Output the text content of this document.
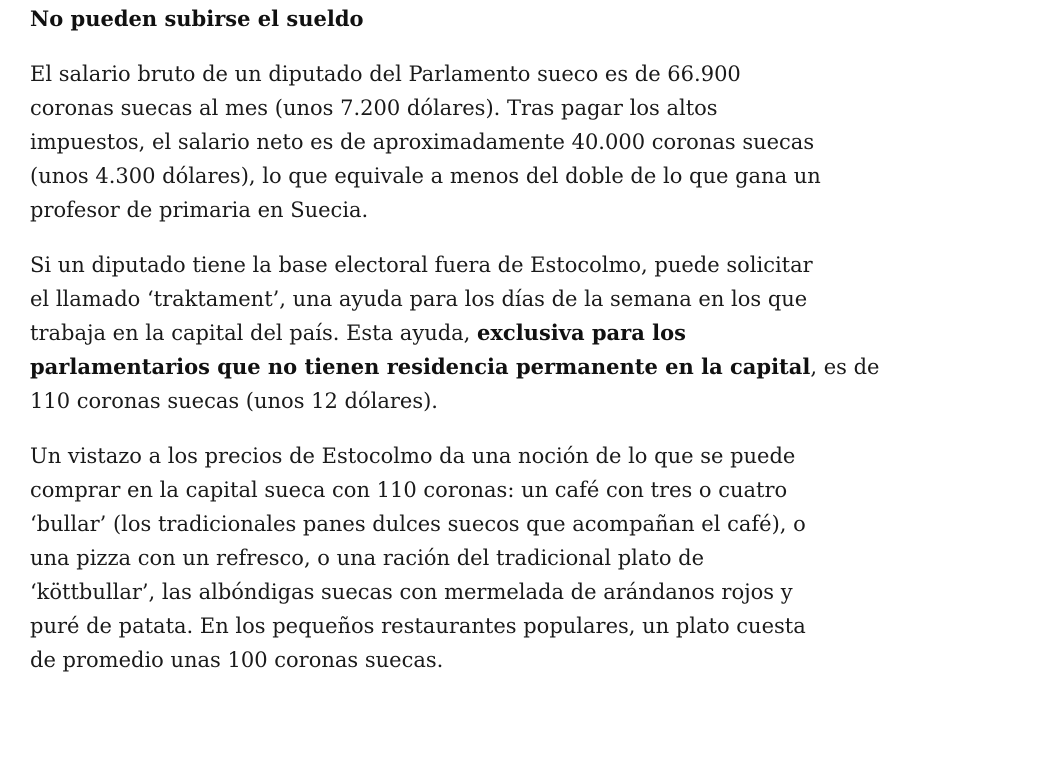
No pueden subirse el sueldo

El salario bruto de un diputado del Parlamento sueco es de 66.900
coronas suecas al mes (unos 7.200 dólares). Tras pagar los altos
impuestos, el salario neto es de aproximadamente 40.000 coronas suecas
(unos 4.300 dólares), lo que equivale a menos del doble de lo que gana un
profesor de primaria en Suecia.

Si un diputado tiene la base electoral fuera de Estocolmo, puede solicitar
el llamado ‘traktament’, una ayuda para los días de la semana en los que
trabaja en la capital del país. Esta ayuda, exclusiva para los
parlamentarios que no tienen residencia permanente en la capital, es de
110 coronas suecas (unos 12 dólares).

Un vistazo a los precios de Estocolmo da una noción de lo que se puede
comprar en la capital sueca con 110 coronas: un café con tres o cuatro
‘bullar’ (los tradicionales panes dulces suecos que acompañan el café), o
una pizza con un refresco, o una ración del tradicional plato de
‘köttbullar’, las albóndigas suecas con mermelada de arándanos rojos y
puré de patata. En los pequeños restaurantes populares, un plato cuesta
de promedio unas 100 coronas suecas.
